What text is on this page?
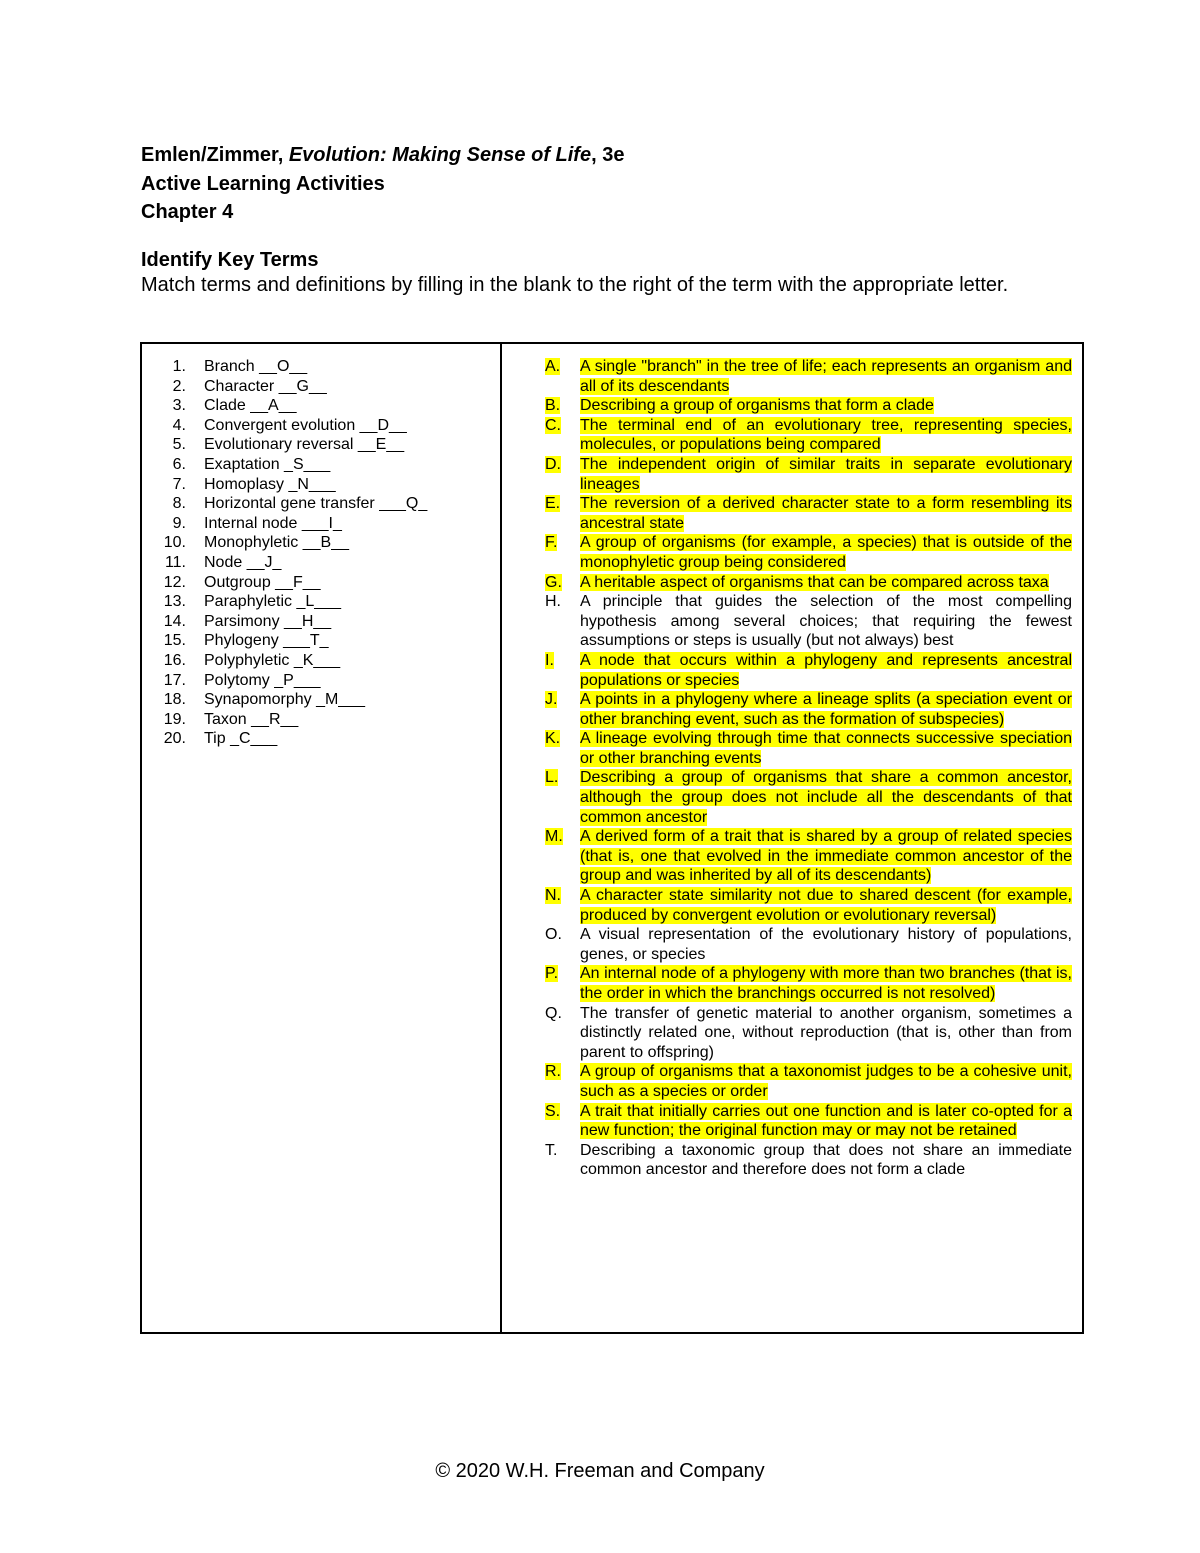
Emlen/Zimmer, Evolution: Making Sense of Life, 3e

Active Learning Activities

Chapter 4

Identify Key Terms

Match terms and definitions by filling in the blank to the right of the term with the appropriate letter.

1.	Branch __O__
2.	Character __G__
3.	Clade __A__
4.	Convergent evolution __D__
5.	Evolutionary reversal __E__
6.	Exaptation _S___
7.	Homoplasy _N___
8.	Horizontal gene transfer ___Q_
9.	Internal node ___I_
10.	Monophyletic __B__
11.	Node __J_
12.	Outgroup __F__
13.	Paraphyletic _L___
14.	Parsimony __H__
15.	Phylogeny ___T_
16.	Polyphyletic _K___
17.	Polytomy _P___
18.	Synapomorphy _M___
19.	Taxon __R__
20.	Tip _C___

A.	A single "branch" in the tree of life; each represents an organism and all of its descendants
B.	Describing a group of organisms that form a clade
C.	The terminal end of an evolutionary tree, representing species, molecules, or populations being compared
D.	The independent origin of similar traits in separate evolutionary lineages
E.	The reversion of a derived character state to a form resembling its ancestral state
F.	A group of organisms (for example, a species) that is outside of the monophyletic group being considered
G.	A heritable aspect of organisms that can be compared across taxa
H.	A principle that guides the selection of the most compelling hypothesis among several choices; that requiring the fewest assumptions or steps is usually (but not always) best
I.	A node that occurs within a phylogeny and represents ancestral populations or species
J.	A points in a phylogeny where a lineage splits (a speciation event or other branching event, such as the formation of subspecies)
K.	A lineage evolving through time that connects successive speciation or other branching events
L.	Describing a group of organisms that share a common ancestor, although the group does not include all the descendants of that common ancestor
M.	A derived form of a trait that is shared by a group of related species (that is, one that evolved in the immediate common ancestor of the group and was inherited by all of its descendants)
N.	A character state similarity not due to shared descent (for example, produced by convergent evolution or evolutionary reversal)
O.	A visual representation of the evolutionary history of populations, genes, or species
P.	An internal node of a phylogeny with more than two branches (that is, the order in which the branchings occurred is not resolved)
Q.	The transfer of genetic material to another organism, sometimes a distinctly related one, without reproduction (that is, other than from parent to offspring)
R.	A group of organisms that a taxonomist judges to be a cohesive unit, such as a species or order
S.	A trait that initially carries out one function and is later co-opted for a new function; the original function may or may not be retained
T.	Describing a taxonomic group that does not share an immediate common ancestor and therefore does not form a clade
© 2020 W.H. Freeman and Company
